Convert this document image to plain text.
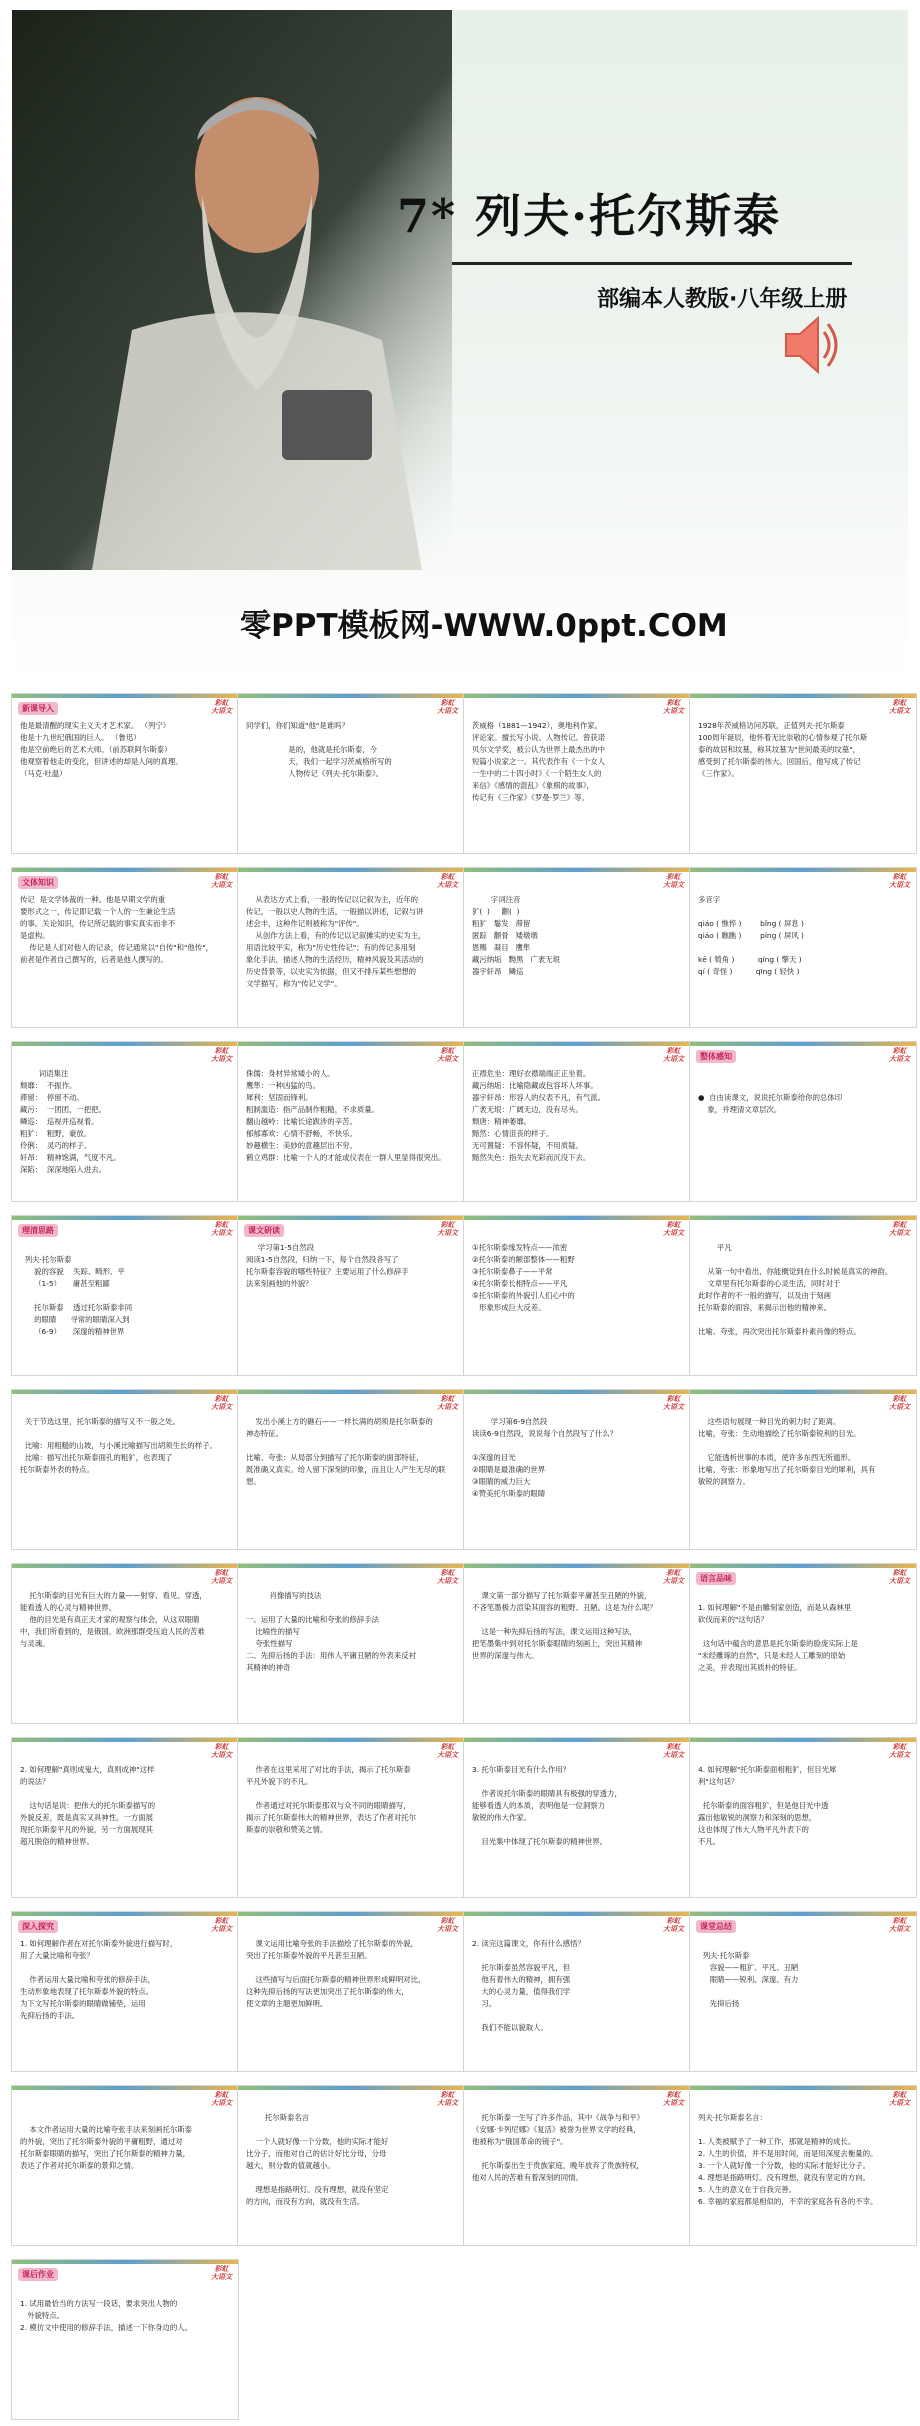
7* 列夫·托尔斯泰
部编本人教版·八年级上册
零PPT模板网-WWW.0ppt.COM
彩虹
大语文
新课导入
他是最清醒的现实主义天才艺术家。 （列宁）
他是十九世纪俄国的巨人。 （鲁迅）
他是空前绝后的艺术大师。（前苏联阿尔斯泰）
他观察着他走的变化，但讲述的却是人间的真理。
（马克·吐温）
彩虹
大语文
同学们，你们知道"他"是谁吗？

是的，他就是托尔斯泰，今
天，我们一起学习茨威格所写的
人物传记《列夫·托尔斯泰》。
彩虹
大语文
茨威格（1881—1942），奥地利作家。
评论家。擅长写小说、人物传记。曾获诺
贝尔文学奖，被公认为世界上最杰出的中
短篇小说家之一。其代表作有《一个女人
一生中的二十四小时》《一个陌生女人的
来信》《感情的混乱》《象棋的故事》，
传记有《三作家》《罗曼·罗兰》等。
彩虹
大语文
1928年茨威格访问苏联，正值列夫·托尔斯泰
100周年诞辰，他怀着无比崇敬的心情参观了托尔斯
泰的故居和坟墓，称其坟墓为"世间最美的坟墓"，
感受到了托尔斯泰的伟大。回国后，他写成了传记
《三作家》。
彩虹
大语文
文体知识
传记  是文学体裁的一种。他是早期文学的重
要形式之一，传记即记载一个人的一生兼论生活
的事。关论知识，传记所记载的事实真实而非不
是虚构。
传记是人们对他人的记录，传记通常以"自传"和"他传"，
前者是作者自己撰写的，后者是他人撰写的。
彩虹
大语文
从表达方式上看，一般的传记以记叙为主，近年的
传记，一般以史人物的生活，一般描以讲述，记叙与讲
述会丰，这种作记则被称为"评传"。
从创作方法上看，有的传记以记叙摊实的史实为主，
用语比较平实，称为"历史性传记"；有的传记多用刻
象化手法，描述人物的生活经历，精神风貌及其活动的
历史背景等，以史实为依据，但又不排斥某些想想的
文学描写，称为"传记文学"。
彩虹
大语文
字词注音
犷(  )     颧(  )
粗犷   鬈发   滞留
匿踪   颧骨   矮墩墩
恩赐   凝目   鹰隼
藏污纳垢   黝黑   广袤无垠
器宇轩昂   鳞巡
彩虹
大语文
多音字

qiáo ( 憔悴 )        bǐng ( 屏息 )
qiáo ( 瞧瞧 )        píng ( 屏风 )

kē ( 犄角 )          qíng ( 擎天 )
qí ( 奇怪 )          qīng ( 轻快 )
彩虹
大语文
词语集注
颓靡：  不振作。
滞留：  停留不动。
藏污：  一团团，一把把。
鳞巡：  巡视并巡视着。
粗犷：  粗野，豪放。
伶俐：  灵巧的样子。
轩昂：  精神饱满，气度不凡。
深陷：  深深地陷入进去。
彩虹
大语文
侏儒：身材异常矮小的人。
鹰隼：一种凶猛的鸟。
犀利：坚固而锋利。
粗制滥造：指产品制作粗糙，不求质量。
翻山越岭：比喻长途跋涉的辛苦。
郁郁寡欢：心情不舒畅，不快乐。
妙趣横生：美妙的意趣层出不穷。
鹤立鸡群：比喻一个人的才能或仪表在一群人里显得很突出。
彩虹
大语文
正襟危坐：理好衣襟端端正正坐着。
藏污纳垢：比喻隐藏或包容坏人坏事。
器宇轩昂：形容人的仪表不凡，有气派。
广袤无垠：广阔无边，没有尽头。
颓唐：精神萎靡。
黯然：心情沮丧的样子。
无可置疑：不容怀疑，不用质疑。
黯然失色：指失去光彩而沉没下去。
彩虹
大语文
整体感知

●  自由读课文，说说托尔斯泰给你的总体印
象，并理清文章层次。
彩虹
大语文
理清思路

列夫·托尔斯泰
貌的容貌    失踪、畸形、平
（1-5）     庸甚至粗鄙

托尔斯泰    透过托尔斯泰非同
的眼睛      寻常的眼睛深入到
（6-9）     深邃的精神世界
彩虹
大语文
课文研读
学习第1-5自然段
阅读1-5自然段，归纳一下，每个自然段各写了
托尔斯泰容貌的哪些特征？主要运用了什么修辞手
法来刻画他的外貌？
彩虹
大语文
①托尔斯泰缘发特点——浓密
②托尔斯泰的额部整体——粗野
③托尔斯泰鼻子——平常
④托尔斯泰长相特点——平凡
⑤托尔斯泰的外貌引人们心中的
形象形成巨大反差。
彩虹
大语文
平凡

从第一句中看出，你能概觉到在什么时候是真实的神韵。
文章里有托尔斯泰的心灵生活，同时对于
此时作者的不一般的描写，以及由于刻画
托尔斯泰的面容，来揭示出他的精神来。

比喻、夸张，再次突出托尔斯泰朴素肖像的特点。
彩虹
大语文
关于节选这里，托尔斯泰的描写又不一般之处。

比喻：用粗糙的山坡，与小溪比喻描写出胡须生长的样子。
比喻：描写出托尔斯泰面孔的粗犷，也表现了
托尔斯泰外表的特点。
彩虹
大语文
发出小溪上方的礁石——一样长满的胡须是托尔斯泰的
神态特征。

比喻、夸张：从局部分到描写了托尔斯泰的面部特征，
既准确又真实。给人留下深刻的印象，而且让人产生无尽的联想。
彩虹
大语文
学习第6-9自然段
读读6-9自然段，说说每个自然段写了什么？

①深邃的目光
②眼睛是最准确的世界
③眼睛的威力巨大
④赞美托尔斯泰的眼睛
彩虹
大语文
这些语句展现一种目光的刺力时了距离。
比喻，夸张：生动地描绘了托尔斯泰锐利的目光。

它能透析世事的本质，使许多东西无所遁形。
比喻，夸张：形象地写出了托尔斯泰目光的犀利，具有
敏锐的洞察力。
彩虹
大语文
托尔斯泰的目光有巨大的力量——射穿、看见、穿透，
能看透人的心灵与精神世界。
他的目光是有真正天才家的观察与体会，从这双眼睛
中，我们所看到的，是俄国、欧洲那群受压迫人民的苦难
与灵魂。
彩虹
大语文
肖像描写的技法

一、运用了大量的比喻和夸张的修辞手法
比喻性的描写
夸张性描写
二、先抑后扬的手法：用伟人平庸丑陋的外表来反衬
其精神的神奇
彩虹
大语文
课文第一部分描写了托尔斯泰平庸甚至丑陋的外貌，
不吝笔墨极力渲染其面容的粗野、丑陋。这是为什么呢？

这是一种先抑后扬的写法，课文运用这种写法，
把笔墨集中到对托尔斯泰眼睛的刻画上，突出其精神
世界的深邃与伟大。
彩虹
大语文
语言品味

1. 如何理解"不是由雕刻家创造，而是从森林里
砍伐而来的"这句话？

这句话中蕴含的意思是托尔斯泰的脸庞实际上是
"未经雕琢的自然"，只是未经人工雕刻的原始
之美，并表现出其质朴的特征。
彩虹
大语文
2. 如何理解"真则成鬼大，真则成神"这样
的说法？

这句话是说：把伟大的托尔斯泰描写的
外貌反差，既是真实又具神性。一方面展
现托尔斯泰平凡的外貌，另一方面展现其
超凡脱俗的精神世界。
彩虹
大语文
作者在这里采用了对比的手法，揭示了托尔斯泰
平凡外貌下的不凡。

作者通过对托尔斯泰那双与众不同的眼睛描写，
揭示了托尔斯泰伟大的精神世界，表达了作者对托尔
斯泰的崇敬和赞美之情。
彩虹
大语文
3. 托尔斯泰目光有什么作用？

作者说托尔斯泰的眼睛具有极强的穿透力，
能够看透人的本质，表明他是一位洞察力
敏锐的伟大作家。

目光集中体现了托尔斯泰的精神世界。
彩虹
大语文
4. 如何理解"托尔斯泰面相粗犷，但目光犀
利"这句话？

托尔斯泰的面容粗犷，但是他目光中透
露出他敏锐的洞察力和深刻的思想，
这也体现了伟大人物平凡外表下的
不凡。
彩虹
大语文
深入探究
1. 如何理解作者在对托尔斯泰外貌进行描写时，
用了大量比喻和夸张？

作者运用大量比喻和夸张的修辞手法，
生动形象地表现了托尔斯泰外貌的特点。
为下文写托尔斯泰的眼睛做铺垫，运用
先抑后扬的手法。
彩虹
大语文
课文运用比喻夸张的手法描绘了托尔斯泰的外貌，
突出了托尔斯泰外貌的平凡甚至丑陋。

这些描写与后面托尔斯泰的精神世界形成鲜明对比，
这种先抑后扬的写法更加突出了托尔斯泰的伟大，
使文章的主题更加鲜明。
彩虹
大语文
2. 读完这篇课文，你有什么感悟？

托尔斯泰虽然容貌平凡，但
他有着伟大的精神，拥有强
大的心灵力量，值得我们学
习。

我们不能以貌取人。
彩虹
大语文
课堂总结

列夫·托尔斯泰
容貌——粗犷、平凡、丑陋
眼睛——锐利、深邃、有力

先抑后扬
彩虹
大语文

本文作者运用大量的比喻夸张手法来刻画托尔斯泰
的外貌，突出了托尔斯泰外貌的平庸粗野，通过对
托尔斯泰眼睛的描写，突出了托尔斯泰的精神力量，
表达了作者对托尔斯泰的景仰之情。
彩虹
大语文
托尔斯泰名言

一个人就好像一个分数，他的实际才能好
比分子，而他对自己的估计好比分母，分母
越大，则分数的值就越小。

理想是指路明灯。没有理想，就没有坚定
的方向，而没有方向，就没有生活。
彩虹
大语文
托尔斯泰一生写了许多作品，其中《战争与和平》
《安娜·卡列尼娜》《复活》被誉为世界文学的经典，
他被称为"俄国革命的镜子"。

托尔斯泰出生于贵族家庭，晚年放弃了贵族特权，
他对人民的苦难有着深刻的同情。
彩虹
大语文
列夫·托尔斯泰名言：

1. 人类被赋予了一种工作，那就是精神的成长。
2. 人生的价值，并不是用时间，而是用深度去衡量的。
3. 一个人就好像一个分数，他的实际才能好比分子。
4. 理想是指路明灯。没有理想，就没有坚定的方向。
5. 人生的意义在于自我完善。
6. 幸福的家庭都是相似的，不幸的家庭各有各的不幸。
彩虹
大语文
课后作业

1. 试用最恰当的方法写一段话，要求突出人物的
外貌特点。
2. 模仿文中使用的修辞手法，描述一下你身边的人。
